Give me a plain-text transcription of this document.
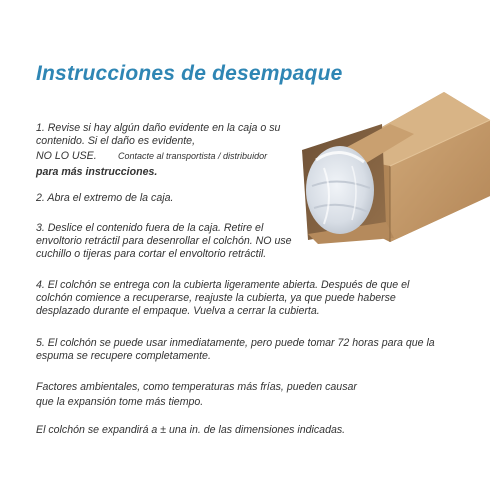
Instrucciones de desempaque
1. Revise si hay algún daño evidente en la caja o su
contenido. Si el daño es evidente,
NO LO USE. Contacte al transportista / distribuidor
para más instrucciones.
2. Abra el extremo de la caja.
3. Deslice el contenido fuera de la caja. Retire el
envoltorio retráctil para desenrollar el colchón. NO use
cuchillo o tijeras para cortar el envoltorio retráctil.
4. El colchón se entrega con la cubierta ligeramente abierta. Después de que el
colchón comience a recuperarse, reajuste la cubierta, ya que puede haberse
desplazado durante el empaque. Vuelva a cerrar la cubierta.
5. El colchón se puede usar inmediatamente, pero puede tomar 72 horas para que la
espuma se recupere completamente.
Factores ambientales, como temperaturas más frías, pueden causar
que la expansión tome más tiempo.
El colchón se expandirá a ± una in. de las dimensiones indicadas.
